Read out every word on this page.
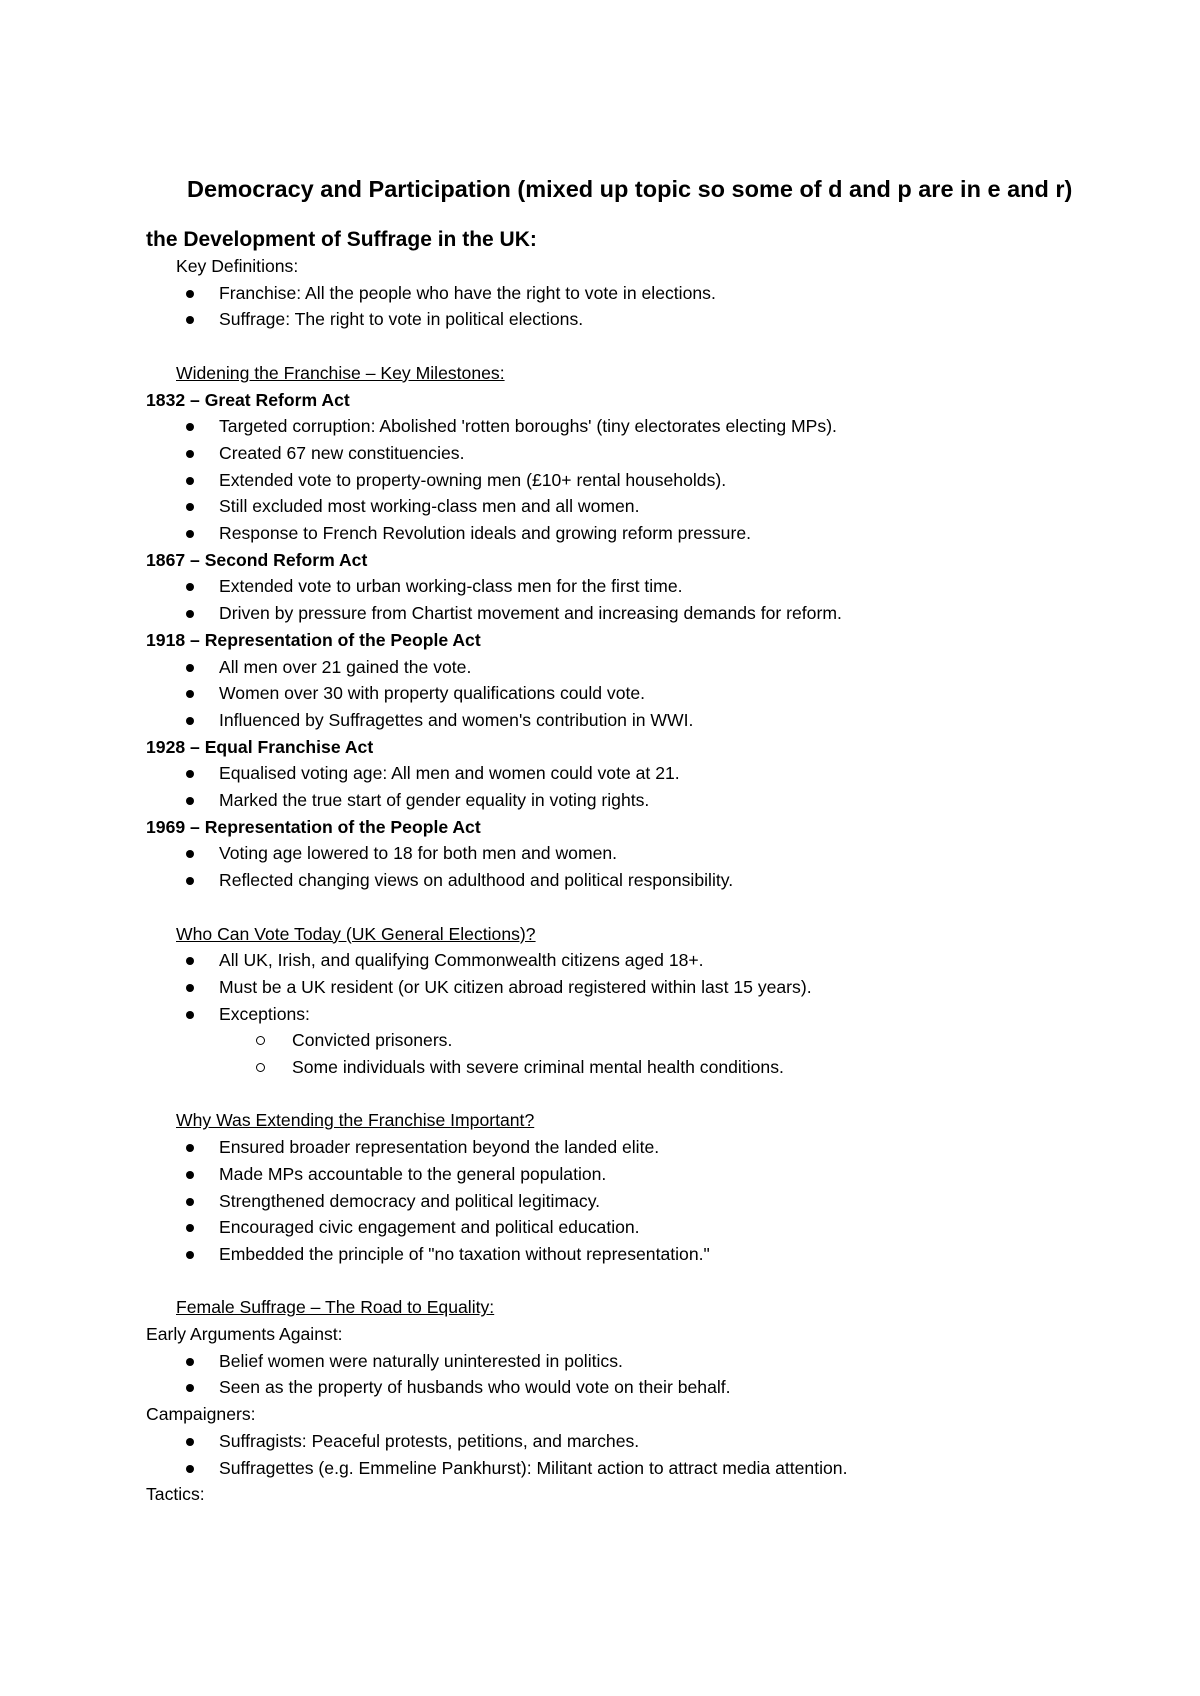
Democracy and Participation (mixed up topic so some of d and p are in e and r)

the Development of Suffrage in the UK:

Key Definitions:

Franchise: All the people who have the right to vote in elections.
Suffrage: The right to vote in political elections.

Widening the Franchise – Key Milestones:

1832 – Great Reform Act

Targeted corruption: Abolished 'rotten boroughs' (tiny electorates electing MPs).
Created 67 new constituencies.
Extended vote to property-owning men (£10+ rental households).
Still excluded most working-class men and all women.
Response to French Revolution ideals and growing reform pressure.

1867 – Second Reform Act

Extended vote to urban working-class men for the first time.
Driven by pressure from Chartist movement and increasing demands for reform.

1918 – Representation of the People Act

All men over 21 gained the vote.
Women over 30 with property qualifications could vote.
Influenced by Suffragettes and women's contribution in WWI.

1928 – Equal Franchise Act

Equalised voting age: All men and women could vote at 21.
Marked the true start of gender equality in voting rights.

1969 – Representation of the People Act

Voting age lowered to 18 for both men and women.
Reflected changing views on adulthood and political responsibility.

Who Can Vote Today (UK General Elections)?

All UK, Irish, and qualifying Commonwealth citizens aged 18+.
Must be a UK resident (or UK citizen abroad registered within last 15 years).
Exceptions:
Convicted prisoners.
Some individuals with severe criminal mental health conditions.

Why Was Extending the Franchise Important?

Ensured broader representation beyond the landed elite.
Made MPs accountable to the general population.
Strengthened democracy and political legitimacy.
Encouraged civic engagement and political education.
Embedded the principle of "no taxation without representation."

Female Suffrage – The Road to Equality:

Early Arguments Against:

Belief women were naturally uninterested in politics.
Seen as the property of husbands who would vote on their behalf.

Campaigners:

Suffragists: Peaceful protests, petitions, and marches.
Suffragettes (e.g. Emmeline Pankhurst): Militant action to attract media attention.

Tactics:
